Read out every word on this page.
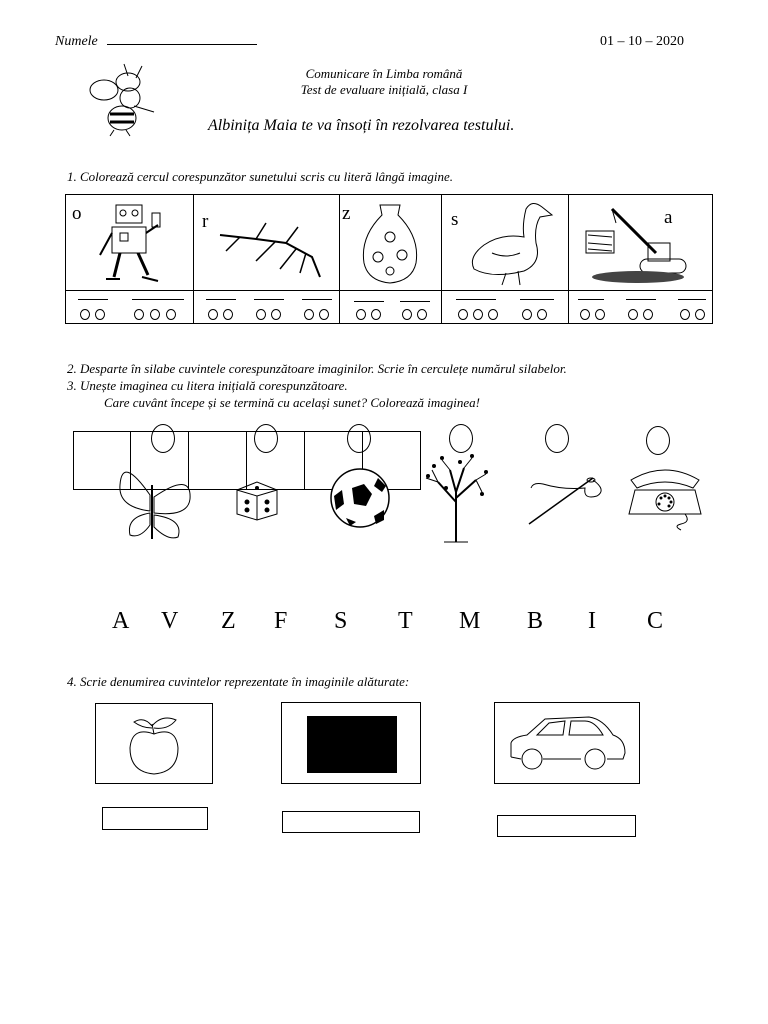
Numele	01 – 10 – 2020
Comunicare în Limba română
Test de evaluare inițială, clasa I
Albinița Maia te va însoți în rezolvarea testului.
1. Colorează cercul corespunzător sunetului scris cu literă lângă imagine.
o	r	z	s	a
2. Desparte în silabe cuvintele corespunzătoare imaginilor. Scrie în cerculețe numărul silabelor.
3. Unește imaginea cu litera inițială corespunzătoare.
Care cuvânt începe și se termină cu același sunet? Colorează imaginea!
A V Z F S T M B I C
4. Scrie denumirea cuvintelor reprezentate în imaginile alăturate:
